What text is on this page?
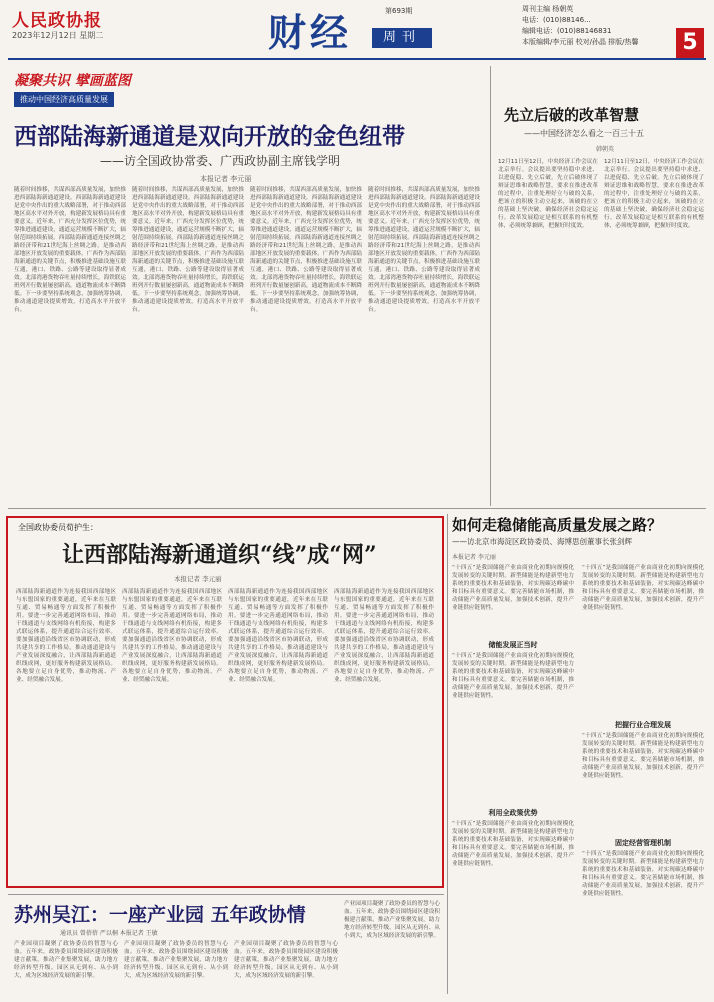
人民政协报
2023年12月12日 星期二	财经	第693期
周刊
周刊主编 杨朝英
电话：(010)88146...
编辑电话：(010)88146831
本版编辑/李元丽 校对/孙晶 排版/热馨	5
凝聚共识 擘画蓝图
推动中国经济高质量发展
西部陆海新通道是双向开放的金色纽带
——访全国政协常委、广西政协副主席钱学明
本报记者 李元丽
随着时间推移，共谋西部高质量发展，加快推进西部陆海新通道建设。西部陆海新通道建设是党中央作出的重大战略部署，对于推动西部地区高水平对外开放，构建新发展格局具有重要意义。近年来，广西充分发挥区位优势，统筹推进通道建设，通道运营规模不断扩大，辐射范围持续拓展。西部陆海新通道连接丝绸之路经济带和21世纪海上丝绸之路，是推动西部地区开放发展的重要载体。广西作为西部陆海新通道的关键节点，积极推进基础设施互联互通，港口、铁路、公路等建设取得显著成效。北部湾港货物吞吐量持续增长，海铁联运班列开行数量屡创新高，通道物流成本不断降低。下一步要坚持系统观念，加强统筹协调，推动通道建设提质增效，打造高水平开放平台。
随着时间推移，共谋西部高质量发展，加快推进西部陆海新通道建设。西部陆海新通道建设是党中央作出的重大战略部署，对于推动西部地区高水平对外开放，构建新发展格局具有重要意义。近年来，广西充分发挥区位优势，统筹推进通道建设，通道运营规模不断扩大，辐射范围持续拓展。西部陆海新通道连接丝绸之路经济带和21世纪海上丝绸之路，是推动西部地区开放发展的重要载体。广西作为西部陆海新通道的关键节点，积极推进基础设施互联互通，港口、铁路、公路等建设取得显著成效。北部湾港货物吞吐量持续增长，海铁联运班列开行数量屡创新高，通道物流成本不断降低。下一步要坚持系统观念，加强统筹协调，推动通道建设提质增效，打造高水平开放平台。
随着时间推移，共谋西部高质量发展，加快推进西部陆海新通道建设。西部陆海新通道建设是党中央作出的重大战略部署，对于推动西部地区高水平对外开放，构建新发展格局具有重要意义。近年来，广西充分发挥区位优势，统筹推进通道建设，通道运营规模不断扩大，辐射范围持续拓展。西部陆海新通道连接丝绸之路经济带和21世纪海上丝绸之路，是推动西部地区开放发展的重要载体。广西作为西部陆海新通道的关键节点，积极推进基础设施互联互通，港口、铁路、公路等建设取得显著成效。北部湾港货物吞吐量持续增长，海铁联运班列开行数量屡创新高，通道物流成本不断降低。下一步要坚持系统观念，加强统筹协调，推动通道建设提质增效，打造高水平开放平台。
随着时间推移，共谋西部高质量发展，加快推进西部陆海新通道建设。西部陆海新通道建设是党中央作出的重大战略部署，对于推动西部地区高水平对外开放，构建新发展格局具有重要意义。近年来，广西充分发挥区位优势，统筹推进通道建设，通道运营规模不断扩大，辐射范围持续拓展。西部陆海新通道连接丝绸之路经济带和21世纪海上丝绸之路，是推动西部地区开放发展的重要载体。广西作为西部陆海新通道的关键节点，积极推进基础设施互联互通，港口、铁路、公路等建设取得显著成效。北部湾港货物吞吐量持续增长，海铁联运班列开行数量屡创新高，通道物流成本不断降低。下一步要坚持系统观念，加强统筹协调，推动通道建设提质增效，打造高水平开放平台。
先立后破的改革智慧
——中国经济怎么看之一百三十五
韩朝英
12月11日至12日，中央经济工作会议在北京举行。会议提出要坚持稳中求进、以进促稳、先立后破。先立后破体现了辩证思维和战略智慧，要求在推进改革的过程中，注重处理好立与破的关系，把该立的积极主动立起来，该破的在立的基础上坚决破，确保经济社会稳定运行。改革发展稳定是相互联系的有机整体，必须统筹兼顾，把握好时度效。
12月11日至12日，中央经济工作会议在北京举行。会议提出要坚持稳中求进、以进促稳、先立后破。先立后破体现了辩证思维和战略智慧，要求在推进改革的过程中，注重处理好立与破的关系，把该立的积极主动立起来，该破的在立的基础上坚决破，确保经济社会稳定运行。改革发展稳定是相互联系的有机整体，必须统筹兼顾，把握好时度效。
全国政协委员荀护生：
让西部陆海新通道织“线”成“网”
本报记者 李元丽
西部陆海新通道作为连接我国西部地区与东盟国家的重要通道，近年来在互联互通、贸易畅通等方面发挥了积极作用。要进一步完善通道网络布局，推动干线通道与支线网络有机衔接，构建多式联运体系，提升通道综合运行效率。要加强通道沿线省区市协调联动，形成共建共享的工作格局，推动通道建设与产业发展深度融合，让西部陆海新通道织线成网，更好服务构建新发展格局。各地要立足自身优势，推动物流、产业、经贸融合发展。
西部陆海新通道作为连接我国西部地区与东盟国家的重要通道，近年来在互联互通、贸易畅通等方面发挥了积极作用。要进一步完善通道网络布局，推动干线通道与支线网络有机衔接，构建多式联运体系，提升通道综合运行效率。要加强通道沿线省区市协调联动，形成共建共享的工作格局，推动通道建设与产业发展深度融合，让西部陆海新通道织线成网，更好服务构建新发展格局。各地要立足自身优势，推动物流、产业、经贸融合发展。
西部陆海新通道作为连接我国西部地区与东盟国家的重要通道，近年来在互联互通、贸易畅通等方面发挥了积极作用。要进一步完善通道网络布局，推动干线通道与支线网络有机衔接，构建多式联运体系，提升通道综合运行效率。要加强通道沿线省区市协调联动，形成共建共享的工作格局，推动通道建设与产业发展深度融合，让西部陆海新通道织线成网，更好服务构建新发展格局。各地要立足自身优势，推动物流、产业、经贸融合发展。
西部陆海新通道作为连接我国西部地区与东盟国家的重要通道，近年来在互联互通、贸易畅通等方面发挥了积极作用。要进一步完善通道网络布局，推动干线通道与支线网络有机衔接，构建多式联运体系，提升通道综合运行效率。要加强通道沿线省区市协调联动，形成共建共享的工作格局，推动通道建设与产业发展深度融合，让西部陆海新通道织线成网，更好服务构建新发展格局。各地要立足自身优势，推动物流、产业、经贸融合发展。
如何走稳储能高质量发展之路？
——访北京市海淀区政协委员、海博思创董事长张剑辉
本报记者 李元丽
“十四五”是我国储能产业由商业化初期向规模化发展转变的关键时期。新型储能是构建新型电力系统的重要技术和基础装备，对实现碳达峰碳中和目标具有重要意义。要完善储能市场机制，推动储能产业高质量发展，加强技术创新，提升产业链供应链韧性。
储能发展正当时
“十四五”是我国储能产业由商业化初期向规模化发展转变的关键时期。新型储能是构建新型电力系统的重要技术和基础装备，对实现碳达峰碳中和目标具有重要意义。要完善储能市场机制，推动储能产业高质量发展，加强技术创新，提升产业链供应链韧性。
利用全政策优势
“十四五”是我国储能产业由商业化初期向规模化发展转变的关键时期。新型储能是构建新型电力系统的重要技术和基础装备，对实现碳达峰碳中和目标具有重要意义。要完善储能市场机制，推动储能产业高质量发展，加强技术创新，提升产业链供应链韧性。
“十四五”是我国储能产业由商业化初期向规模化发展转变的关键时期。新型储能是构建新型电力系统的重要技术和基础装备，对实现碳达峰碳中和目标具有重要意义。要完善储能市场机制，推动储能产业高质量发展，加强技术创新，提升产业链供应链韧性。
把握行业合理发展
“十四五”是我国储能产业由商业化初期向规模化发展转变的关键时期。新型储能是构建新型电力系统的重要技术和基础装备，对实现碳达峰碳中和目标具有重要意义。要完善储能市场机制，推动储能产业高质量发展，加强技术创新，提升产业链供应链韧性。
固定经营管理机制
“十四五”是我国储能产业由商业化初期向规模化发展转变的关键时期。新型储能是构建新型电力系统的重要技术和基础装备，对实现碳达峰碳中和目标具有重要意义。要完善储能市场机制，推动储能产业高质量发展，加强技术创新，提升产业链供应链韧性。
苏州吴江：一座产业园 五年政协情
通讯员 曾蓓蓓 严以桐 本报记者 王敏
产业园项目凝聚了政协委员的智慧与心血。五年来，政协委员围绕园区建设积极建言献策，推动产业集聚发展，助力地方经济转型升级。园区从无到有、从小到大，成为区域经济发展的新引擎。
产业园项目凝聚了政协委员的智慧与心血。五年来，政协委员围绕园区建设积极建言献策，推动产业集聚发展，助力地方经济转型升级。园区从无到有、从小到大，成为区域经济发展的新引擎。
产业园项目凝聚了政协委员的智慧与心血。五年来，政协委员围绕园区建设积极建言献策，推动产业集聚发展，助力地方经济转型升级。园区从无到有、从小到大，成为区域经济发展的新引擎。
产业园项目凝聚了政协委员的智慧与心血。五年来，政协委员围绕园区建设积极建言献策，推动产业集聚发展，助力地方经济转型升级。园区从无到有、从小到大，成为区域经济发展的新引擎。
